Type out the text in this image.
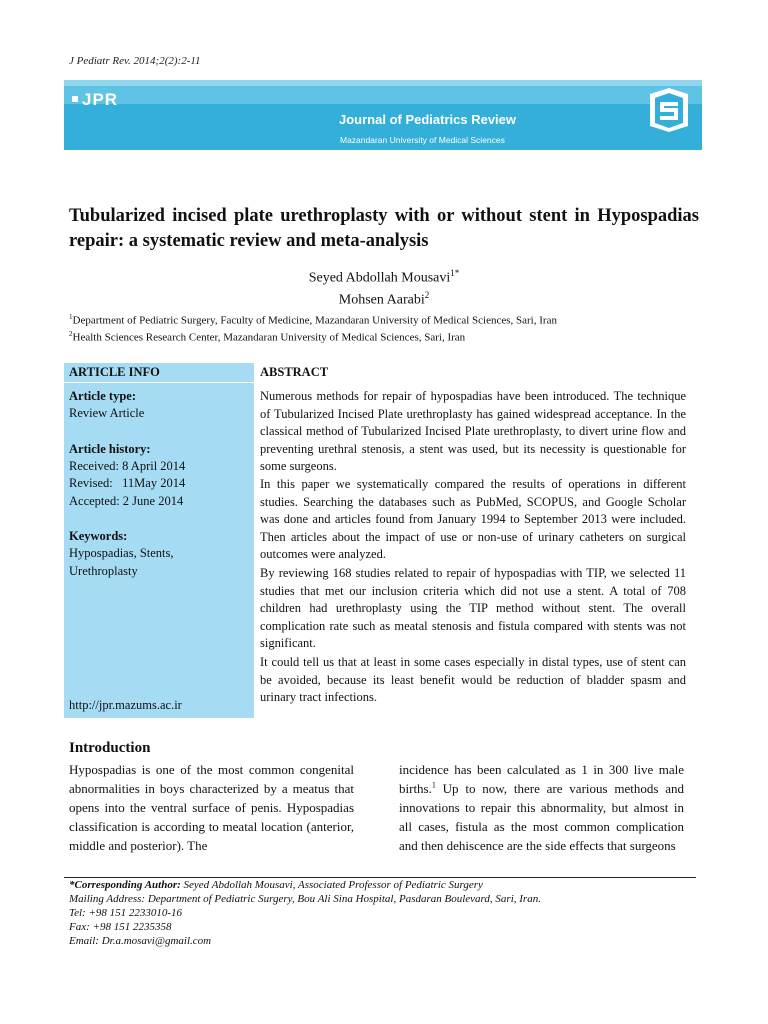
J Pediatr Rev. 2014;2(2):2-11
JPR
Journal of Pediatrics Review
Mazandaran University of Medical Sciences
Tubularized incised plate urethroplasty with or without stent in Hypospadias repair: a systematic review and meta-analysis
Seyed Abdollah Mousavi$^{1*}$
Mohsen Aarabi$^2$
$^1$Department of Pediatric Surgery, Faculty of Medicine, Mazandaran University of Medical Sciences, Sari, Iran
$^2$Health Sciences Research Center, Mazandaran University of Medical Sciences, Sari, Iran
ARTICLE INFO
Article type:
Review Article
Article history:
Received: 8 April 2014
Revised:   11May 2014
Accepted: 2 June 2014
Keywords:
Hypospadias, Stents,
Urethroplasty
http://jpr.mazums.ac.ir
ABSTRACT
Numerous methods for repair of hypospadias have been introduced. The technique of Tubularized Incised Plate urethroplasty has gained widespread acceptance. In the classical method of Tubularized Incised Plate urethroplasty, to divert urine flow and preventing urethral stenosis, a stent was used, but its necessity is questionable for some surgeons.
In this paper we systematically compared the results of operations in different studies. Searching the databases such as PubMed, SCOPUS, and Google Scholar was done and articles found from January 1994 to September 2013 were included. Then articles about the impact of use or non-use of urinary catheters on surgical outcomes were analyzed.
By reviewing 168 studies related to repair of hypospadias with TIP, we selected 11 studies that met our inclusion criteria which did not use a stent. A total of 708 children had urethroplasty using the TIP method without stent. The overall complication rate such as meatal stenosis and fistula compared with stents was not significant.
It could tell us that at least in some cases especially in distal types, use of stent can be avoided, because its least benefit would be reduction of bladder spasm and urinary tract infections.
Introduction
Hypospadias is one of the most common congenital abnormalities in boys characterized by a meatus that opens into the ventral surface of penis. Hypospadias classification is according to meatal location (anterior, middle and posterior). The
incidence has been calculated as 1 in 300 live male births.$^1$ Up to now, there are various methods and innovations to repair this abnormality, but almost in all cases, fistula as the most common complication and then dehiscence are the side effects that surgeons
*Corresponding Author: Seyed Abdollah Mousavi, Associated Professor of Pediatric Surgery
Mailing Address: Department of Pediatric Surgery, Bou Ali Sina Hospital, Pasdaran Boulevard, Sari, Iran.
Tel: +98 151 2233010-16
Fax: +98 151 2235358
Email: Dr.a.mosavi@gmail.com
